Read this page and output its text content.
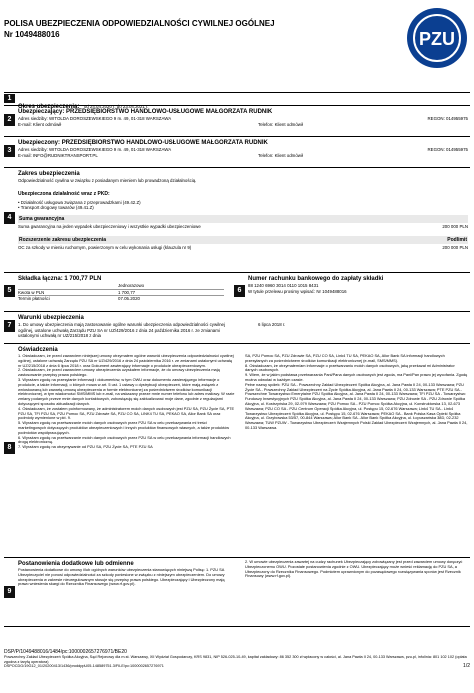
POLISA UBEZPIECZENIA ODPOWIEDZIALNOŚCI CYWILNEJ OGÓLNEJ
Nr 1049488016	PZU
1
Okres ubezpieczenia: od 24.04.2020 r. do 23.04.2021 r.
2
Ubezpieczający: PRZEDSIĘBIORSTWO HANDLOWO-USŁUGOWE MAŁGORZATA RUDNIK
Adres siedziby: WITOLDA DOROSZEWSKIEGO 9 m. 49, 01-318 WARSZAWA	REGON: 014955975
E-mail: Klient odmówił	Telefon: Klient odmówił
3
Ubezpieczony: PRZEDSIĘBIORSTWO HANDLOWO-USŁUGOWE MAŁGORZATA RUDNIK
Adres siedziby: WITOLDA DOROSZEWSKIEGO 9 m. 49, 01-318 WARSZAWA	REGON: 014955975
E-mail: INFO@RUDNIKTRANSPORT.PL	Telefon: Klient odmówił
4
Zakres ubezpieczenia
Odpowiedzialność cywilna w związku z posiadanym mieniem lub prowadzoną działalnością.
Ubezpieczona działalność wraz z PKD:
• Działalność usługowa związana z przeprowadzkami (49.42.Z)
• Transport drogowy towarów (49.41.Z)
Suma gwarancyjna
Suma gwarancyjna na jeden wypadek ubezpieczeniowy i wszystkie wypadki ubezpieczeniowe	200 000 PLN
Rozszerzenie zakresu ubezpieczenia	Podlimit
OC za szkody w mieniu ruchomym, powierzonym w celu wykonania usługi (klauzula nr 9)	200 000 PLN
5
Składka łączna: 1 700,77 PLN
Jednorazowo
Kwota w PLN	1 700,77
Termin płatności	07.05.2020
6
Numer rachunku bankowego do zapłaty składki
88 1240 6960 3014 0110 1015 8431
W tytule przelewu prosimy wpisać: Nr 1049488016
7
Warunki ubezpieczenia
1. Do umowy ubezpieczenia mają zastosowanie ogólne warunki ubezpieczenia odpowiedzialności cywilnej ogólnej, ustalone uchwałą Zarządu PZU SA nr UZ/429/2016 z dnia 24 października 2016 r. ze zmianami ustalonymi uchwałą nr UZ/215/2018 z dnia
6 lipca 2018 r.
8
Oświadczenia
1. Oświadczam, że przed zawarciem niniejszej umowy otrzymałem ogólne warunki ubezpieczenia odpowiedzialności cywilnej ogólnej, ustalone uchwałą Zarządu PZU SA nr UZ/429/2016 z dnia 24 października 2016 r. ze zmianami ustalonymi uchwałą nr UZ/215/2018 z dnia 6 lipca 2018 r. oraz Dokument zawierający informacje o produkcie ubezpieczeniowym.
2. Oświadczam, że przed zawarciem umowy ubezpieczenia uzyskałem informacje, że do umowy ubezpieczenia mają zastosowanie przepisy prawa polskiego.
3. Wyrażam zgodę na przesyłanie informacji i dokumentów, w tym OWU oraz dokumentu zawierającego informacje o produkcie, a także informacji, o których mowa w art. 5 ust. 1 ustawy o dystrybucji ubezpieczeń, które mają związek z wnioskowaną lub zawartą umową ubezpieczenia w formie elektronicznej za pośrednictwem środków komunikacji elektronicznej, w tym wiadomości SMS/MMS lub e-mail, na wskazany przeze mnie numer telefonu lub adres mailowy. W razie zmiany podanych przeze mnie danych kontaktowych, zobowiązuję się zaktualizować moje dane, zgodnie z regulacjami dotyczącymi sposobu aktualizacji danych.
4. Oświadczam, że zostałem poinformowany, że administratorem moich danych osobowych jest PZU SA, PZU Życie SA, PTE PZU SA, TFI PZU SA, PZU Pomoc SA, PZU Zdrowie SA, PZU CO SA, LINK4 TU SA, PEKAO SA, Alior Bank SA oraz podmioty wymienione w pkt. 9.
5. Wyrażam zgodę na przetwarzanie moich danych osobowych przez PZU SA w celu przekazywania mi treści marketingowych dotyczących produktów ubezpieczeniowych i innych produktów finansowych własnych, a także produktów podmiotów współpracujących.
6. Wyrażam zgodę na przetwarzanie moich danych osobowych przez PZU SA w celu przekazywania informacji handlowych drogą elektroniczną.
7. Wyrażam zgodę na otrzymywanie od PZU SA, PZU Życie SA, PTE PZU SA
SA, PZU Pomoc SA, PZU Zdrowie SA, PZU CO SA, Link4 TU SA, PEKAO SA, Alior Bank SA informacji handlowych przesyłanych za pośrednictwem środków komunikacji elektronicznej (e-mail, SMS/MMS).
8. Oświadczam, że otrzymałem/am informacje o przetwarzaniu moich danych osobowych, jaką przekazał mi Administrator danych osobowych.
9. Wiem, że w jakim podstawa przetwarzania Pani/Pana danych osobowych jest zgoda, ma Pani/Pan prawo jej wycofania. Zgodę można odwołać w każdym czasie.
Pełne nazwy spółek: PZU SA - Powszechny Zakład Ubezpieczeń Spółka Akcyjna, al. Jana Pawła II 24, 00-133 Warszawa; PZU Życie SA - Powszechny Zakład Ubezpieczeń na Życie Spółka Akcyjna, al. Jana Pawła II 24, 00-133 Warszawa; PTE PZU SA - Powszechne Towarzystwo Emerytalne PZU Spółka Akcyjna, al. Jana Pawła II 24, 00-133 Warszawa; TFI PZU SA - Towarzystwo Funduszy Inwestycyjnych PZU Spółka Akcyjna, al. Jana Pawła II 24, 00-133 Warszawa; PZU Zdrowie SA - PZU Zdrowie Spółka Akcyjna, ul. Kostrzyńska 29, 02-979 Warszawa; PZU Pomoc SA - PZU Pomoc Spółka Akcyjna, ul. Konstruktorska 13, 02-673 Warszawa; PZU CO SA - PZU Centrum Operacji Spółka Akcyjna, ul. Postępu 15, 02-676 Warszawa; Link4 TU SA - Link4 Towarzystwo Ubezpieczeń Spółka Akcyjna, ul. Postępu 15, 02-676 Warszawa; PEKAO SA - Bank Polska Kasa Opieki Spółka Akcyjna, ul. Grzybowska 53/57, 00-844 Warszawa; Alior Bank SA - Alior Bank Spółka Akcyjna, ul. Łopuszańska 38D, 02-232 Warszawa; TUW PZUW - Towarzystwo Ubezpieczeń Wzajemnych Polski Zakład Ubezpieczeń Wzajemnych, al. Jana Pawła II 24, 00-133 Warszawa.
9
Postanowienia dodatkowe lub odmienne
Postanowienia dodatkowe do umowy i/lub ogólnych warunków ubezpieczenia stanowiących niniejszą Polisę: 1. PZU SA Ubezpieczyciel nie ponosi odpowiedzialności za szkody poniesione w związku z niniejszym ubezpieczeniem. Do umowy ubezpieczenia w zakresie nieuregulowanym stosuje się przepisy prawa polskiego. Ubezpieczający i Ubezpieczony mają prawo wniesienia skargi do Rzecznika Finansowego (www.rf.gov.pl).
2. W umowie ubezpieczenia zawartej na cudzy rachunek Ubezpieczający zobowiązany jest przed zawarciem umowy doręczyć Ubezpieczonemu OWU. Pozostałe postanowienia zgodnie z OWU. Ubezpieczający może wnieść reklamację do PZU SA, a Ubezpieczony do Rzecznika Finansowego. Podmiotem uprawnionym do pozasądowego rozwiązywania sporów jest Rzecznik Finansowy (www.rf.gov.pl).
DSP/P/1049488016/1484/pc:1000002657276971/BE20
Powszechny Zakład Ubezpieczeń Spółka Akcyjna, Sąd Rejonowy dla m.st. Warszawy, XII Wydział Gospodarczy, KRS 9831, NIP 526-025-10-49, kapitał zakładowy: 86 352 300 zł wpłacony w całości, al. Jana Pawła II 24, 00-133 Warszawa, pzu.pl, infolinia: 801 102 102 (opłata zgodna z taryfą operatora)
DSPOCDG/19G12_01/20200413/1436/proddppU05-148589751.3/FILE/pc:1000002657276971	1/2
